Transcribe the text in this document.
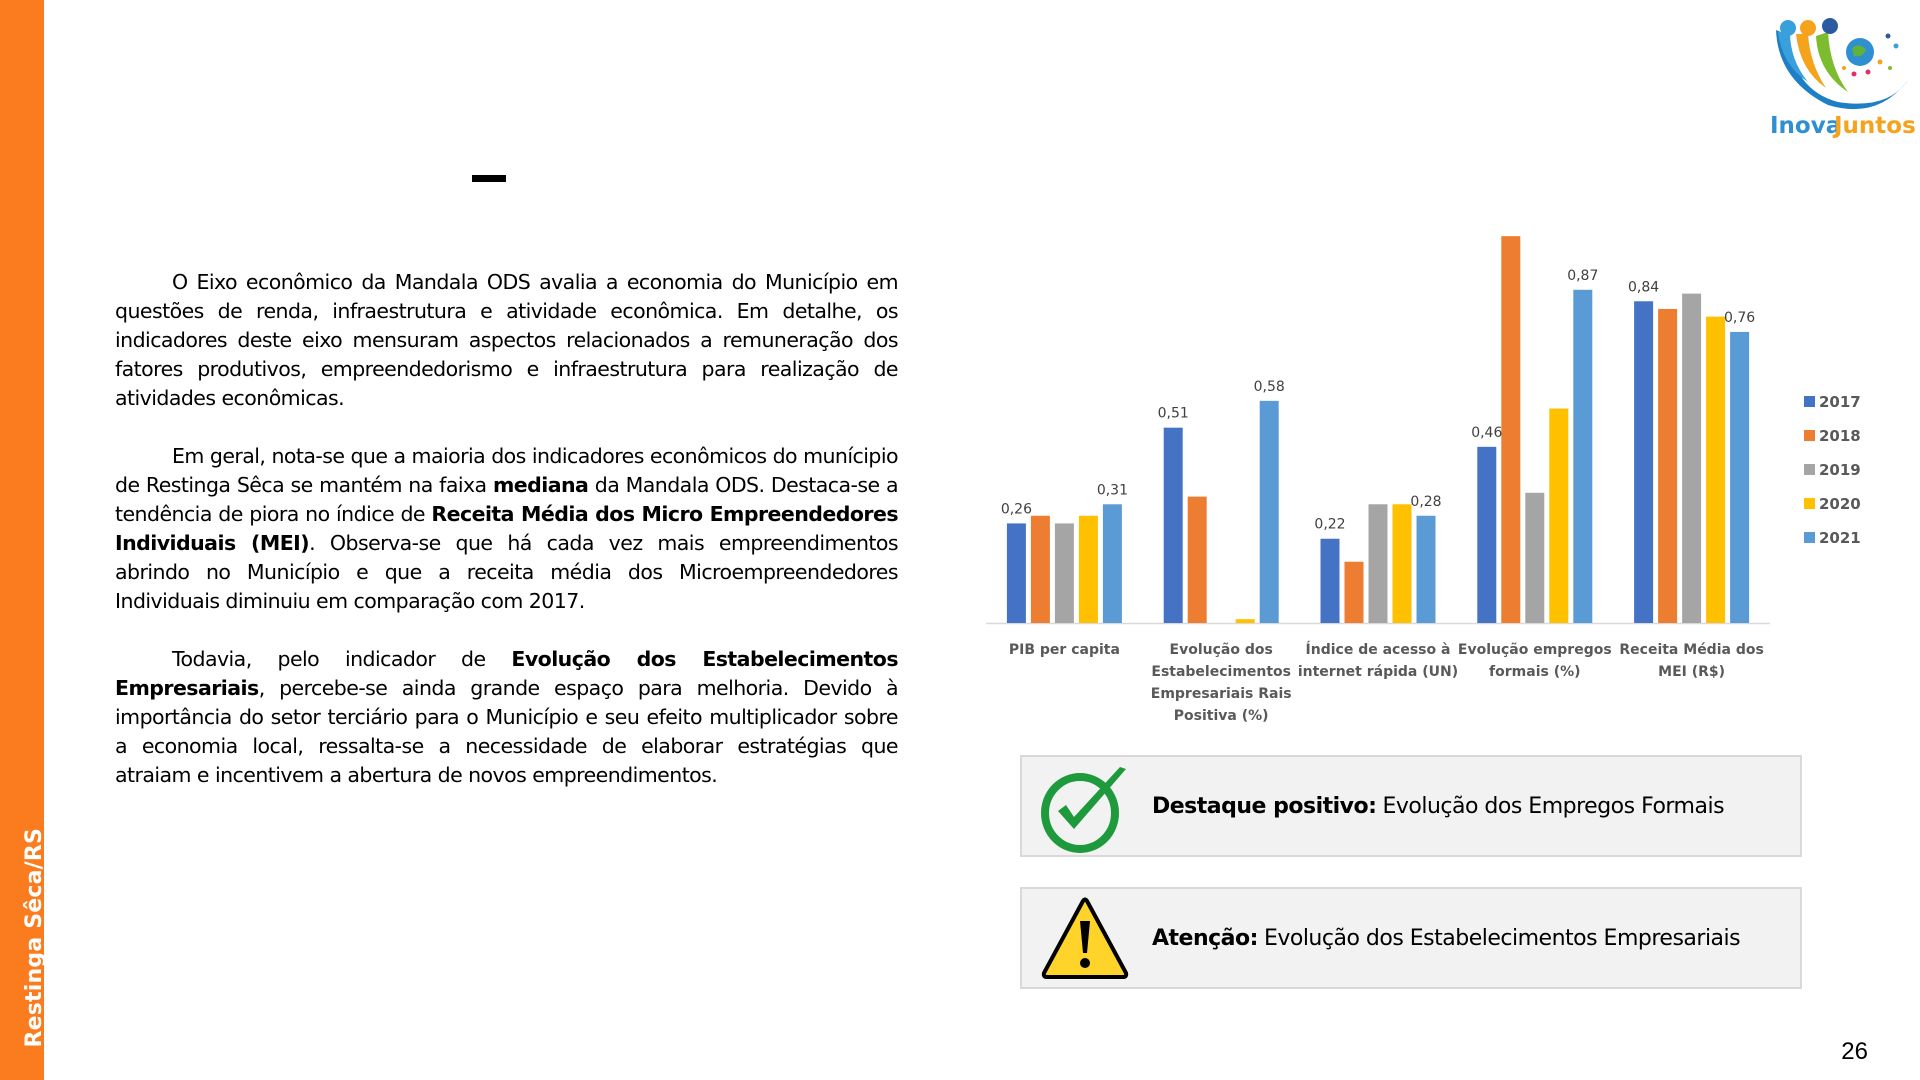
Restinga Sêca/RS
Inova
Juntos

O Eixo econômico da Mandala ODS avalia a economia do Município em questões de renda, infraestrutura e atividade econômica. Em detalhe, os indicadores deste eixo mensuram aspectos relacionados a remuneração dos fatores produtivos, empreendedorismo e infraestrutura para realização de atividades econômicas.

Em geral, nota-se que a maioria dos indicadores econômicos do munícipio de Restinga Sêca se mantém na faixa mediana da Mandala ODS. Destaca-se a tendência de piora no índice de Receita Média dos Micro Empreendedores Individuais (MEI). Observa-se que há cada vez mais empreendimentos abrindo no Município e que a receita média dos Microempreendedores Individuais diminuiu em comparação com 2017.

Todavia, pelo indicador de Evolução dos Estabelecimentos Empresariais, percebe-se ainda grande espaço para melhoria. Devido à importância do setor terciário para o Município e seu efeito multiplicador sobre a economia local, ressalta-se a necessidade de elaborar estratégias que atraiam e incentivem a abertura de novos empreendimentos.

PIB per capita	Evolução dos Estabelecimentos Empresariais Rais Positiva (%)
Índice de acesso à internet rápida (UN)
Evolução empregos formais (%)
Receita Média dos MEI (R$)
0,26
0,31
0,51
0,58
0,22
0,28
0,46
0,87
0,84
0,76
2017
2018
2019
2020
2021
Destaque positivo: Evolução dos Empregos Formais
Atenção: Evolução dos Estabelecimentos Empresariais
26
